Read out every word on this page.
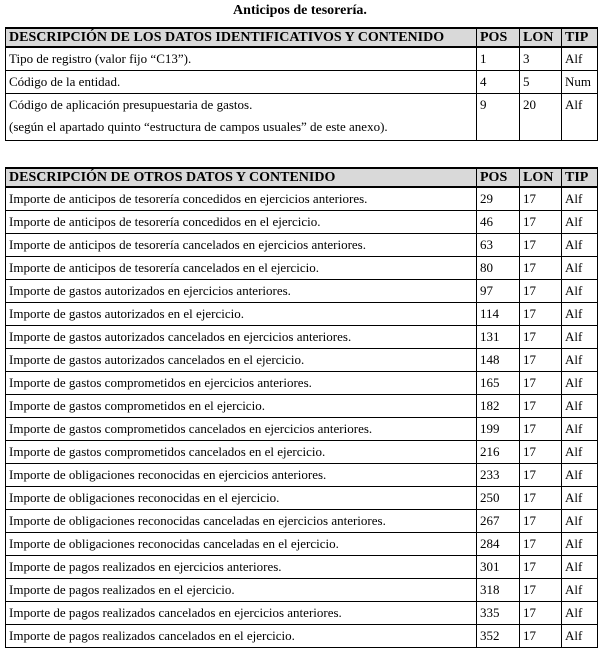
Anticipos de tesorería.
DESCRIPCIÓN DE LOS DATOS IDENTIFICATIVOS Y CONTENIDO	POS	LON	TIP
Tipo de registro (valor fijo “C13”).	1	3	Alf
Código de la entidad.	4	5	Num

Código de aplicación presupuestaria de gastos.
(según el apartado quinto “estructura de campos usuales” de este anexo).	9	20	Alf
DESCRIPCIÓN DE OTROS DATOS Y CONTENIDO	POS	LON	TIP
Importe de anticipos de tesorería concedidos en ejercicios anteriores.	29	17	Alf
Importe de anticipos de tesorería concedidos en el ejercicio.	46	17	Alf
Importe de anticipos de tesorería cancelados en ejercicios anteriores.	63	17	Alf
Importe de anticipos de tesorería cancelados en el ejercicio.	80	17	Alf
Importe de gastos autorizados en ejercicios anteriores.	97	17	Alf
Importe de gastos autorizados en el ejercicio.	114	17	Alf
Importe de gastos autorizados cancelados en ejercicios anteriores.	131	17	Alf
Importe de gastos autorizados cancelados en el ejercicio.	148	17	Alf
Importe de gastos comprometidos en ejercicios anteriores.	165	17	Alf
Importe de gastos comprometidos en el ejercicio.	182	17	Alf
Importe de gastos comprometidos cancelados en ejercicios anteriores.	199	17	Alf
Importe de gastos comprometidos cancelados en el ejercicio.	216	17	Alf
Importe de obligaciones reconocidas en ejercicios anteriores.	233	17	Alf
Importe de obligaciones reconocidas en el ejercicio.	250	17	Alf
Importe de obligaciones reconocidas canceladas en ejercicios anteriores.	267	17	Alf
Importe de obligaciones reconocidas canceladas en el ejercicio.	284	17	Alf
Importe de pagos realizados en ejercicios anteriores.	301	17	Alf
Importe de pagos realizados en el ejercicio.	318	17	Alf
Importe de pagos realizados cancelados en ejercicios anteriores.	335	17	Alf
Importe de pagos realizados cancelados en el ejercicio.	352	17	Alf
